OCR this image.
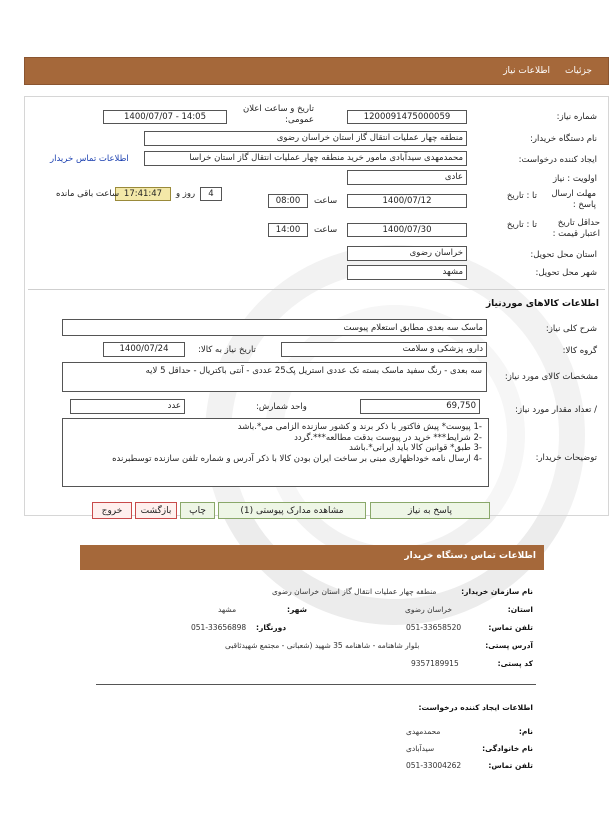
جزئیات
اطلاعات نیاز
شماره نیاز:
1200091475000059
تاریخ و ساعت اعلان عمومی:
1400/07/07 - 14:05
نام دستگاه خریدار:
منطقه چهار عملیات انتقال گاز استان خراسان رضوی
ایجاد کننده درخواست:
محمدمهدی سیدآبادی مامور خرید منطقه چهار عملیات انتقال گاز استان خراسا
اطلاعات تماس خریدار
اولویت : نیاز
عادی
مهلت ارسال پاسخ :
تا : تاریخ
1400/07/12
ساعت
08:00
4
روز و
17:41:47
ساعت باقی مانده
حداقل تاریخ اعتبار قیمت :
تا : تاریخ
1400/07/30
ساعت
14:00
استان محل تحویل:
خراسان رضوی
شهر محل تحویل:
مشهد
اطلاعات کالاهای موردنیاز
شرح کلی نیاز:
ماسک سه بعدی مطابق استعلام پیوست
گروه کالا:
دارو، پزشکی و سلامت
تاریخ نیاز به کالا:
1400/07/24
مشخصات کالای مورد نیاز:
سه بعدی - رنگ سفید ماسک بسته تک عددی استریل پک25 عددی - آنتی باکتریال - حداقل 5 لایه
/ تعداد مقدار مورد نیاز:
69,750
واحد شمارش:
عدد
توضیحات خریدار:
-1 پیوست* پیش فاکتور با ذکر برند و کشور سازنده الزامی می*.باشد
-2 شرایط*** خرید در پیوست بدقت مطالعه***.گردد
-3 طبق* قوانین کالا باید ایرانی*.باشد
-4 ارسال نامه خوداظهاری مبنی بر ساخت ایران بودن کالا با ذکر آدرس و شماره تلفن سازنده توسطبرنده
پاسخ به نیاز
مشاهده مدارک پیوستی (1)
چاپ
بازگشت
خروج
اطلاعات تماس دستگاه خریدار
نام سازمان خریدار:
منطقه چهار عملیات انتقال گاز استان خراسان رضوی
استان:
خراسان رضوی
شهر:
مشهد
تلفن تماس:
051-33658520
دورنگار:
051-33656898
آدرس پستی:
بلوار شاهنامه - شاهنامه 35 شهید (شعبانی - مجتمع شهیدثاقبی
کد پستی:
9357189915
اطلاعات ایجاد کننده درخواست:
نام:
محمدمهدی
نام خانوادگی:
سیدآبادی
تلفن تماس:
051-33004262
